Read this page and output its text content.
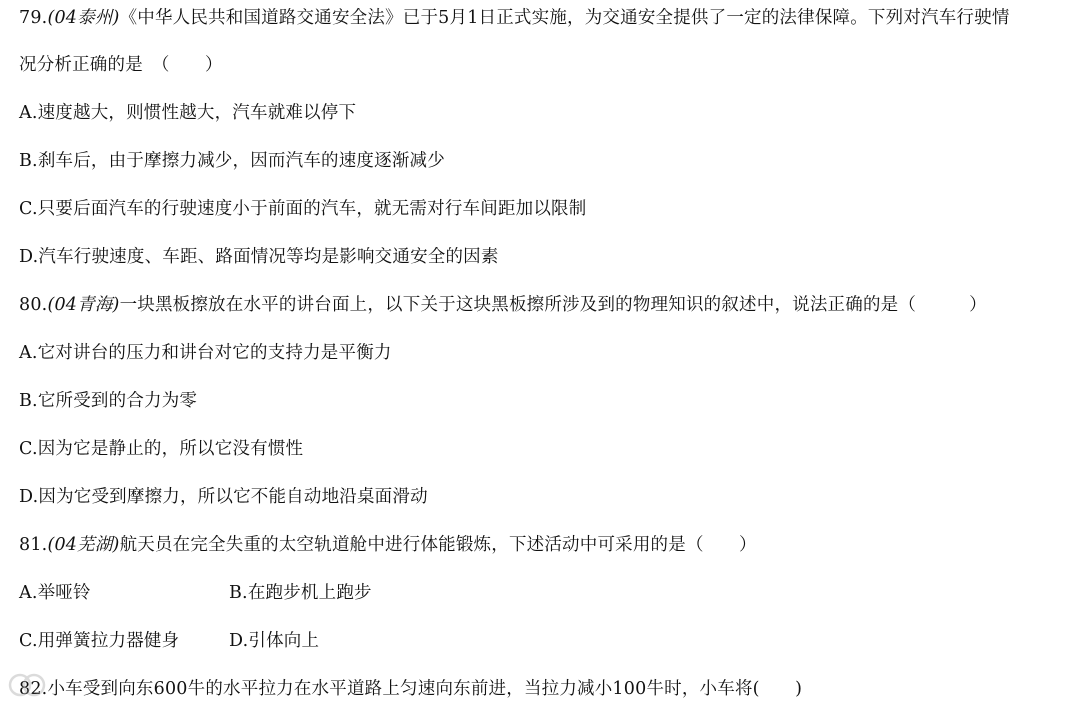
79.(04泰州)《中华人民共和国道路交通安全法》已于5月1日正式实施，为交通安全提供了一定的法律保障。下列对汽车行驶情
况分析正确的是　（　　）
A.速度越大，则惯性越大，汽车就难以停下
B.刹车后，由于摩擦力减少，因而汽车的速度逐渐减少
C.只要后面汽车的行驶速度小于前面的汽车，就无需对行车间距加以限制
D.汽车行驶速度、车距、路面情况等均是影响交通安全的因素
80.(04青海)一块黑板擦放在水平的讲台面上，以下关于这块黑板擦所涉及到的物理知识的叙述中，说法正确的是（　　　）
A.它对讲台的压力和讲台对它的支持力是平衡力
B.它所受到的合力为零
C.因为它是静止的，所以它没有惯性
D.因为它受到摩擦力，所以它不能自动地沿桌面滑动
81.(04芜湖)航天员在完全失重的太空轨道舱中进行体能锻炼，下述活动中可采用的是（　　）
A.举哑铃	B.在跑步机上跑步
C.用弹簧拉力器健身	D.引体向上
82.小车受到向东600牛的水平拉力在水平道路上匀速向东前进，当拉力减小100牛时，小车将(　　)
